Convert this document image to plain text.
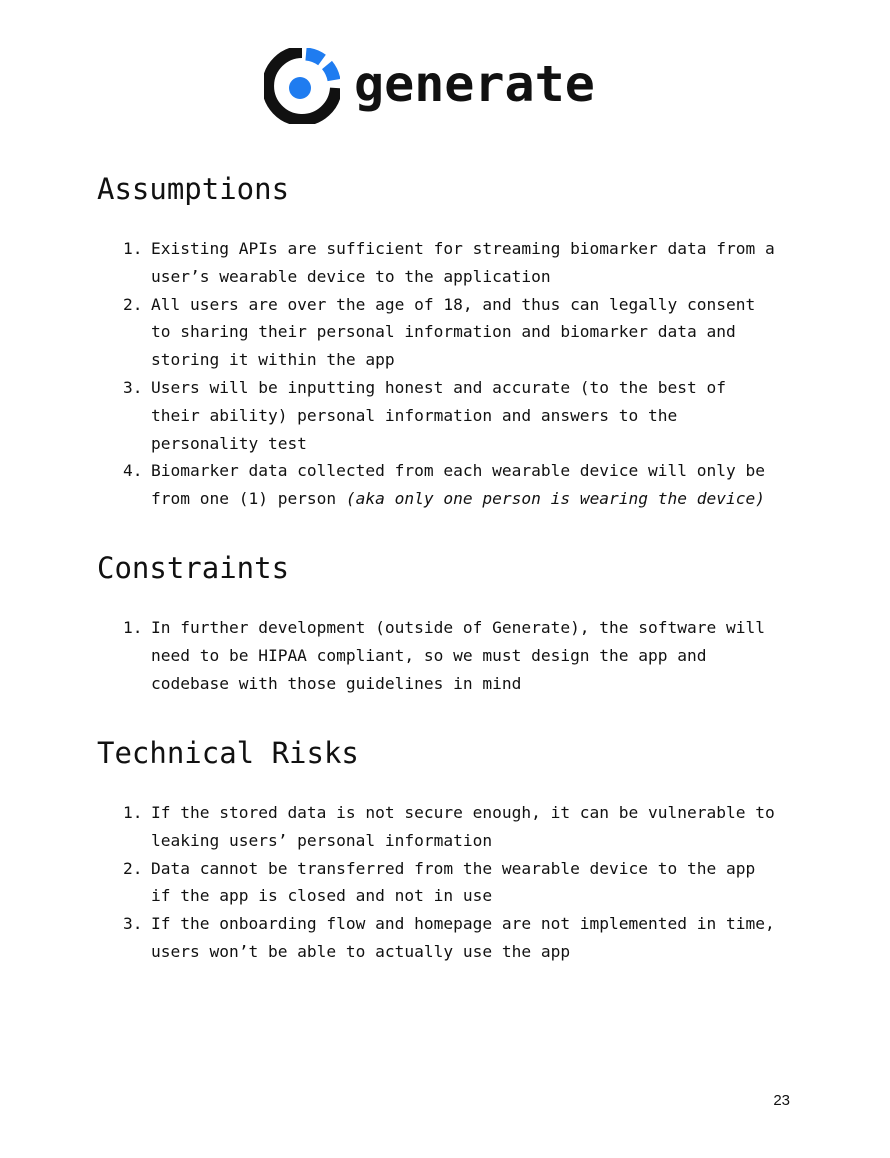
generate
Assumptions
1. Existing APIs are sufficient for streaming biomarker data from a
user’s wearable device to the application
2. All users are over the age of 18, and thus can legally consent
to sharing their personal information and biomarker data and
storing it within the app
3. Users will be inputting honest and accurate (to the best of
their ability) personal information and answers to the
personality test
4. Biomarker data collected from each wearable device will only be
from one (1) person (aka only one person is wearing the device)
Constraints
1. In further development (outside of Generate), the software will
need to be HIPAA compliant, so we must design the app and
codebase with those guidelines in mind
Technical Risks
1. If the stored data is not secure enough, it can be vulnerable to
leaking users’ personal information
2. Data cannot be transferred from the wearable device to the app
if the app is closed and not in use
3. If the onboarding flow and homepage are not implemented in time,
users won’t be able to actually use the app
23
